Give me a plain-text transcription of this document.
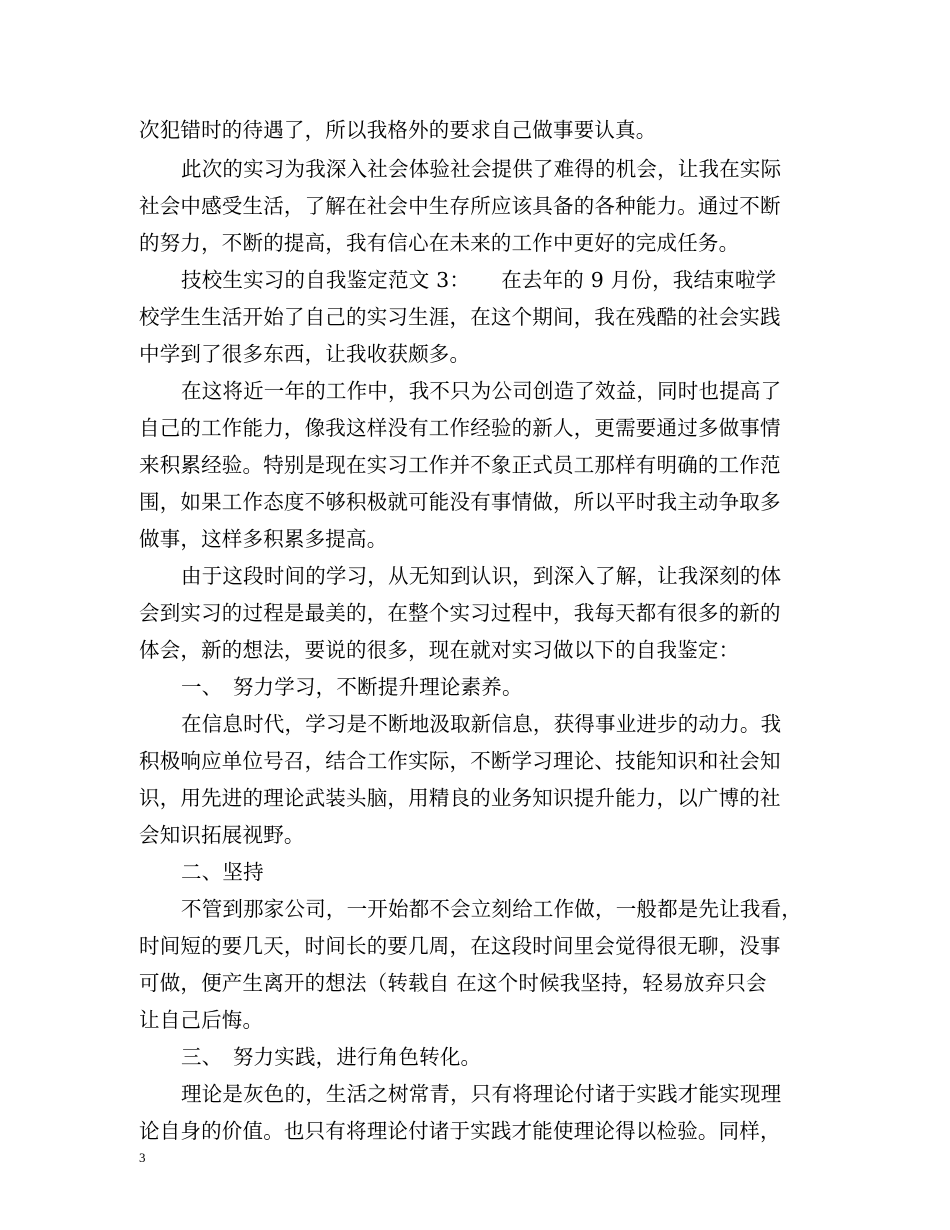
次犯错时的待遇了，所以我格外的要求自己做事要认真。
此次的实习为我深入社会体验社会提供了难得的机会，让我在实际
社会中感受生活，了解在社会中生存所应该具备的各种能力。通过不断
的努力，不断的提高，我有信心在未来的工作中更好的完成任务。
技校生实习的自我鉴定范文 3：　　在去年的 9 月份，我结束啦学
校学生生活开始了自己的实习生涯，在这个期间，我在残酷的社会实践
中学到了很多东西，让我收获颇多。
在这将近一年的工作中，我不只为公司创造了效益，同时也提高了
自己的工作能力，像我这样没有工作经验的新人，更需要通过多做事情
来积累经验。特别是现在实习工作并不象正式员工那样有明确的工作范
围，如果工作态度不够积极就可能没有事情做，所以平时我主动争取多
做事，这样多积累多提高。
由于这段时间的学习，从无知到认识，到深入了解，让我深刻的体
会到实习的过程是最美的，在整个实习过程中，我每天都有很多的新的
体会，新的想法，要说的很多，现在就对实习做以下的自我鉴定：
一、　努力学习，不断提升理论素养。
在信息时代，学习是不断地汲取新信息，获得事业进步的动力。我
积极响应单位号召，结合工作实际，不断学习理论、技能知识和社会知
识，用先进的理论武装头脑，用精良的业务知识提升能力，以广博的社
会知识拓展视野。
二、坚持
不管到那家公司，一开始都不会立刻给工作做，一般都是先让我看，
时间短的要几天，时间长的要几周，在这段时间里会觉得很无聊，没事
可做，便产生离开的想法（转载自 在这个时候我坚持，轻易放弃只会
让自己后悔。
三、　努力实践，进行角色转化。
理论是灰色的，生活之树常青，只有将理论付诸于实践才能实现理
论自身的价值。也只有将理论付诸于实践才能使理论得以检验。同样，
3
